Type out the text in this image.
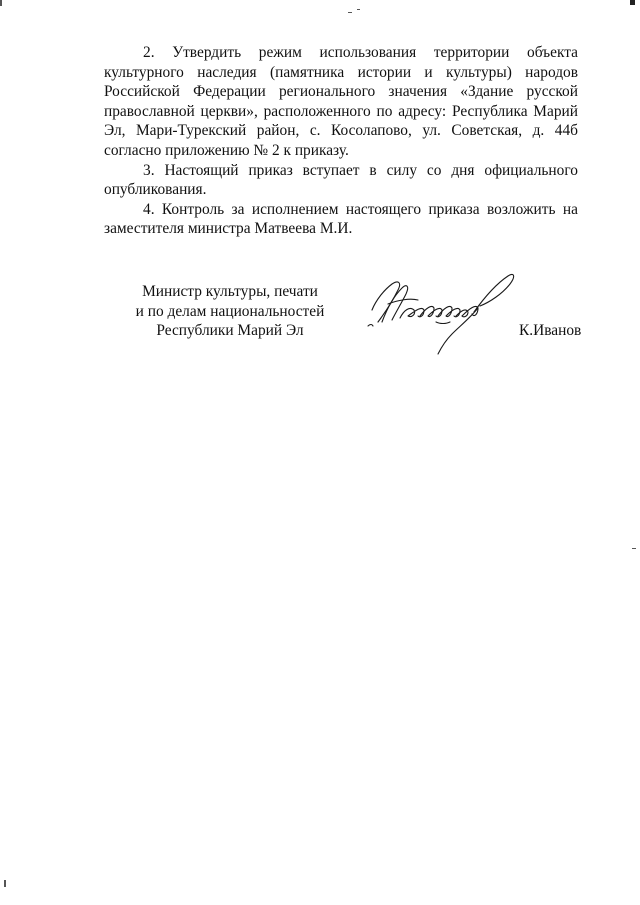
2. Утвердить режим использования территории объекта культурного наследия (памятника истории и культуры) народов Российской Федерации регионального значения «Здание русской православной церкви», расположенного по адресу: Республика Марий Эл, Мари-Турекский район, с. Косолапово, ул. Советская, д. 44б согласно приложению № 2 к приказу.

3. Настоящий приказ вступает в силу со дня официального опубликования.

4. Контроль за исполнением настоящего приказа возложить на заместителя министра Матвеева М.И.

Министр культуры, печати
и по делам национальностей
Республики Марий Эл	К.Иванов
